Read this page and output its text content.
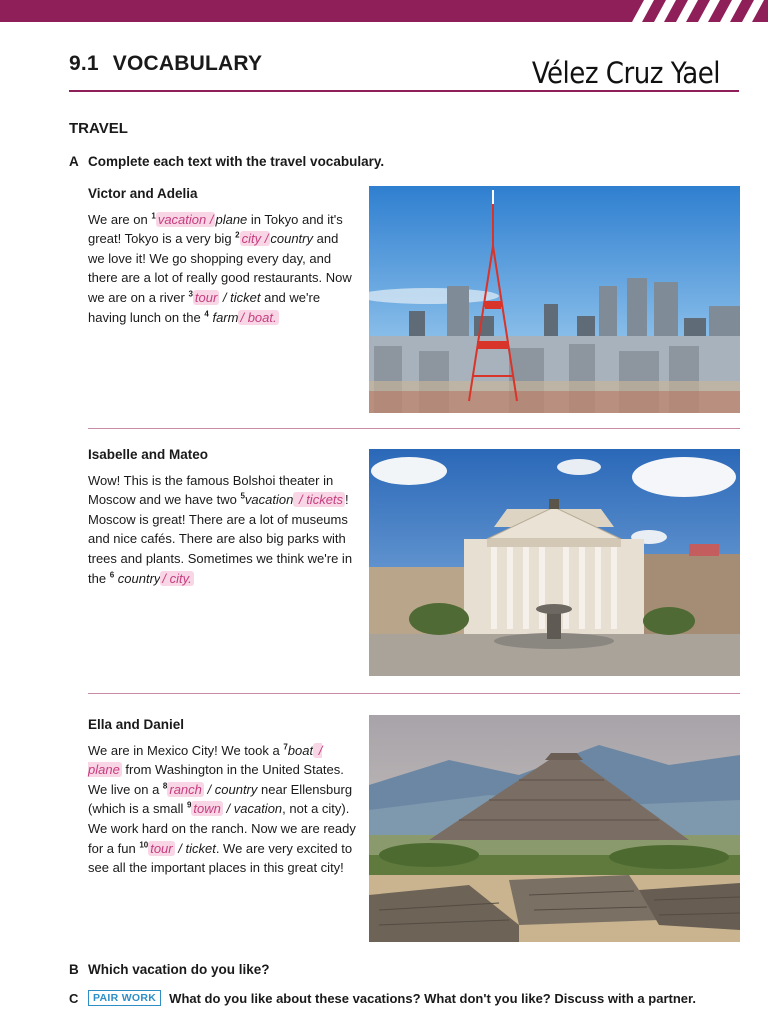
9.1 VOCABULARY	Vélez Cruz Yael
TRAVEL
A Complete each text with the travel vocabulary.
Victor and Adelia

We are on $^1$ vacation / plane in Tokyo and it's great! Tokyo is a very big $^2$ city / country and we love it! We go shopping every day, and there are a lot of really good restaurants. Now we are on a river $^3$ tour / ticket and we're having lunch on the $^4$ farm / boat.

Isabelle and Mateo

Wow! This is the famous Bolshoi theater in Moscow and we have two $^5$vacation / tickets ! Moscow is great! There are a lot of museums and nice cafés. There are also big parks with trees and plants. Sometimes we think we're in the $^6$ country / city.

Ella and Daniel

We are in Mexico City! We took a $^7$boat / plane from Washington in the United States. We live on a $^8$ ranch / country near Ellensburg (which is a small $^9$ town / vacation, not a city). We work hard on the ranch. Now we are ready for a fun $^{10}$ tour / ticket. We are very excited to see all the important places in this great city!

B Which vacation do you like?
C	PAIR WORK	What do you like about these vacations? What don't you like? Discuss with a partner.
